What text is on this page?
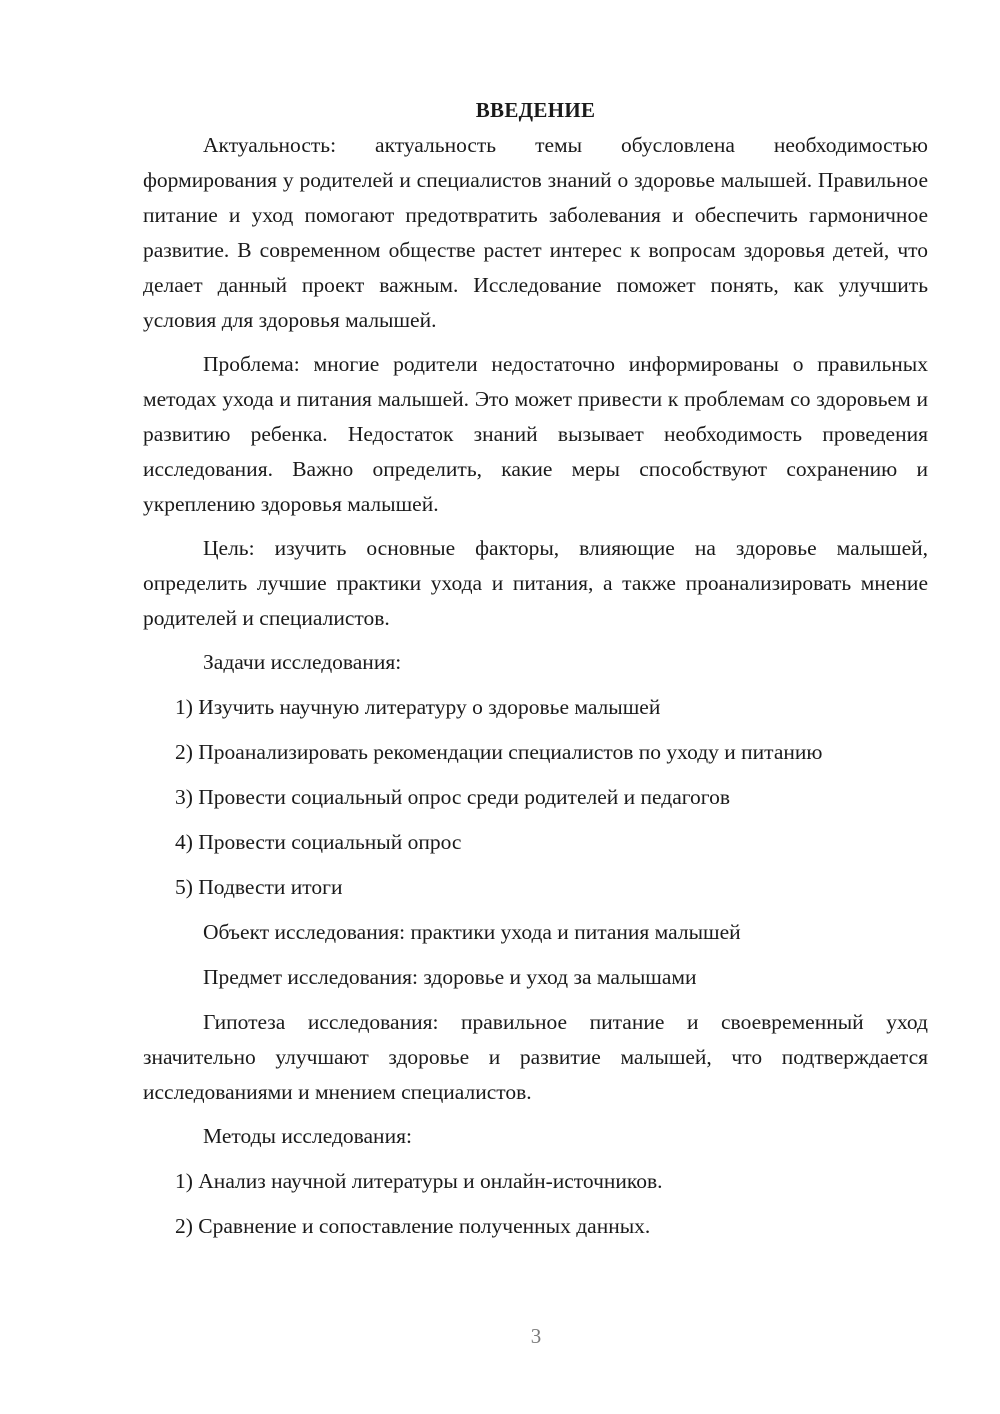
ВВЕДЕНИЕ

Актуальность: актуальность темы обусловлена необходимостью формирования у родителей и специалистов знаний о здоровье малышей. Правильное питание и уход помогают предотвратить заболевания и обеспечить гармоничное развитие. В современном обществе растет интерес к вопросам здоровья детей, что делает данный проект важным. Исследование поможет понять, как улучшить условия для здоровья малышей.

Проблема: многие родители недостаточно информированы о правильных методах ухода и питания малышей. Это может привести к проблемам со здоровьем и развитию ребенка. Недостаток знаний вызывает необходимость проведения исследования. Важно определить, какие меры способствуют сохранению и укреплению здоровья малышей.

Цель: изучить основные факторы, влияющие на здоровье малышей, определить лучшие практики ухода и питания, а также проанализировать мнение родителей и специалистов.

Задачи исследования:
1) Изучить научную литературу о здоровье малышей
2) Проанализировать рекомендации специалистов по уходу и питанию
3) Провести социальный опрос среди родителей и педагогов
4) Провести социальный опрос
5) Подвести итоги
Объект исследования: практики ухода и питания малышей
Предмет исследования: здоровье и уход за малышами

Гипотеза исследования: правильное питание и своевременный уход значительно улучшают здоровье и развитие малышей, что подтверждается исследованиями и мнением специалистов.

Методы исследования:
1) Анализ научной литературы и онлайн-источников.
2) Сравнение и сопоставление полученных данных.
3
